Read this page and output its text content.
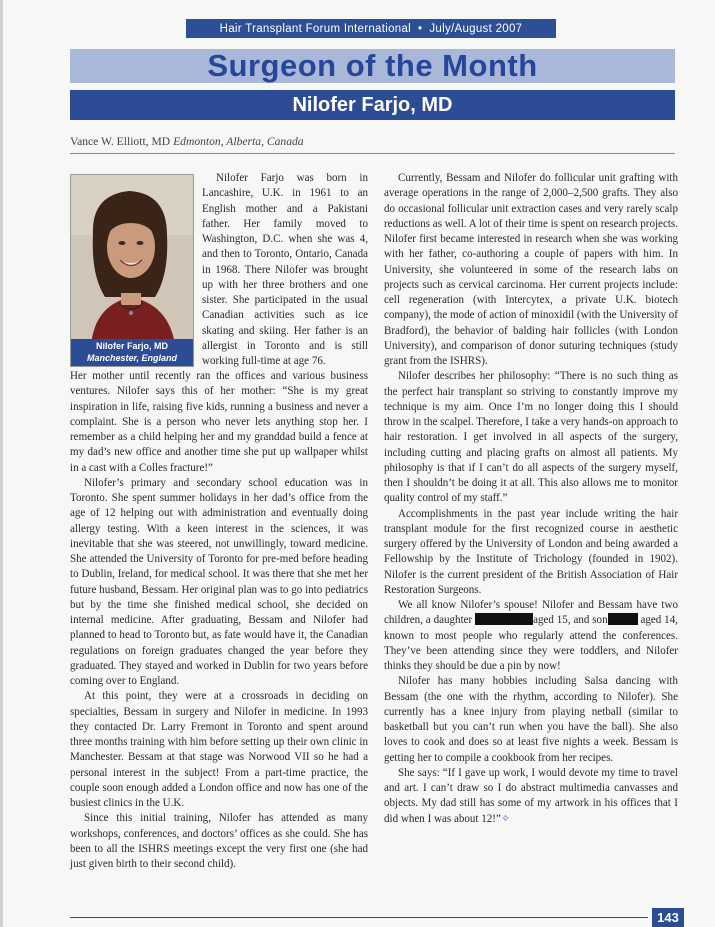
Hair Transplant Forum International • July/August 2007
Surgeon of the Month
Nilofer Farjo, MD
Vance W. Elliott, MD Edmonton, Alberta, Canada
Nilofer Farjo, MD
Manchester, England

Nilofer Farjo was born in Lancashire, U.K. in 1961 to an English mother and a Pakistani father. Her family moved to Washington, D.C. when she was 4, and then to Toronto, Ontario, Canada in 1968. There Nilofer was brought up with her three brothers and one sister. She participated in the usual Canadian activities such as ice skating and skiing. Her father is an allergist in Toronto and is still working full-time at age 76.

Her mother until recently ran the offices and various business ventures. Nilofer says this of her mother: “She is my great inspiration in life, raising five kids, running a business and never a complaint. She is a person who never lets anything stop her. I remember as a child helping her and my granddad build a fence at my dad’s new office and another time she put up wallpaper whilst in a cast with a Colles fracture!”

Nilofer’s primary and secondary school education was in Toronto. She spent summer holidays in her dad’s office from the age of 12 helping out with administration and eventually doing allergy testing. With a keen interest in the sciences, it was inevitable that she was steered, not unwillingly, toward medicine. She attended the University of Toronto for pre-med before heading to Dublin, Ireland, for medical school. It was there that she met her future husband, Bessam. Her original plan was to go into pediatrics but by the time she finished medical school, she decided on internal medicine. After graduating, Bessam and Nilofer had planned to head to Toronto but, as fate would have it, the Canadian regulations on foreign graduates changed the year before they graduated. They stayed and worked in Dublin for two years before coming over to England.

At this point, they were at a crossroads in deciding on specialties, Bessam in surgery and Nilofer in medicine. In 1993 they contacted Dr. Larry Fremont in Toronto and spent around three months training with him before setting up their own clinic in Manchester. Bessam at that stage was Norwood VII so he had a personal interest in the subject! From a part-time practice, the couple soon enough added a London office and now has one of the busiest clinics in the U.K.

Since this initial training, Nilofer has attended as many workshops, conferences, and doctors’ offices as she could. She has been to all the ISHRS meetings except the very first one (she had just given birth to their second child).

Currently, Bessam and Nilofer do follicular unit grafting with average operations in the range of 2,000–2,500 grafts. They also do occasional follicular unit extraction cases and very rarely scalp reductions as well. A lot of their time is spent on research projects. Nilofer first became interested in research when she was working with her father, co-authoring a couple of papers with him. In University, she volunteered in some of the research labs on projects such as cervical carcinoma. Her current projects include: cell regeneration (with Intercytex, a private U.K. biotech company), the mode of action of minoxidil (with the University of Bradford), the behavior of balding hair follicles (with London University), and comparison of donor suturing techniques (study grant from the ISHRS).

Nilofer describes her philosophy: “There is no such thing as the perfect hair transplant so striving to constantly improve my technique is my aim. Once I’m no longer doing this I should throw in the scalpel. Therefore, I take a very hands-on approach to hair restoration. I get involved in all aspects of the surgery, including cutting and placing grafts on almost all patients. My philosophy is that if I can’t do all aspects of the surgery myself, then I shouldn’t be doing it at all. This also allows me to monitor quality control of my staff.”

Accomplishments in the past year include writing the hair transplant module for the first recognized course in aesthetic surgery offered by the University of London and being awarded a Fellowship by the Institute of Trichology (founded in 1902). Nilofer is the current president of the British Association of Hair Restoration Surgeons.

We all know Nilofer’s spouse! Nilofer and Bessam have two children, a daughter	aged 15, and son	aged 14, known to most people who regularly attend the conferences. They’ve been attending since they were toddlers, and Nilofer thinks they should be due a pin by now!

Nilofer has many hobbies including Salsa dancing with Bessam (the one with the rhythm, according to Nilofer). She currently has a knee injury from playing netball (similar to basketball but you can’t run when you have the ball). She also loves to cook and does so at least five nights a week. Bessam is getting her to compile a cookbook from her recipes.

She says: “If I gave up work, I would devote my time to travel and art. I can’t draw so I do abstract multimedia canvasses and objects. My dad still has some of my artwork in his offices that I did when I was about 12!”✧

143
